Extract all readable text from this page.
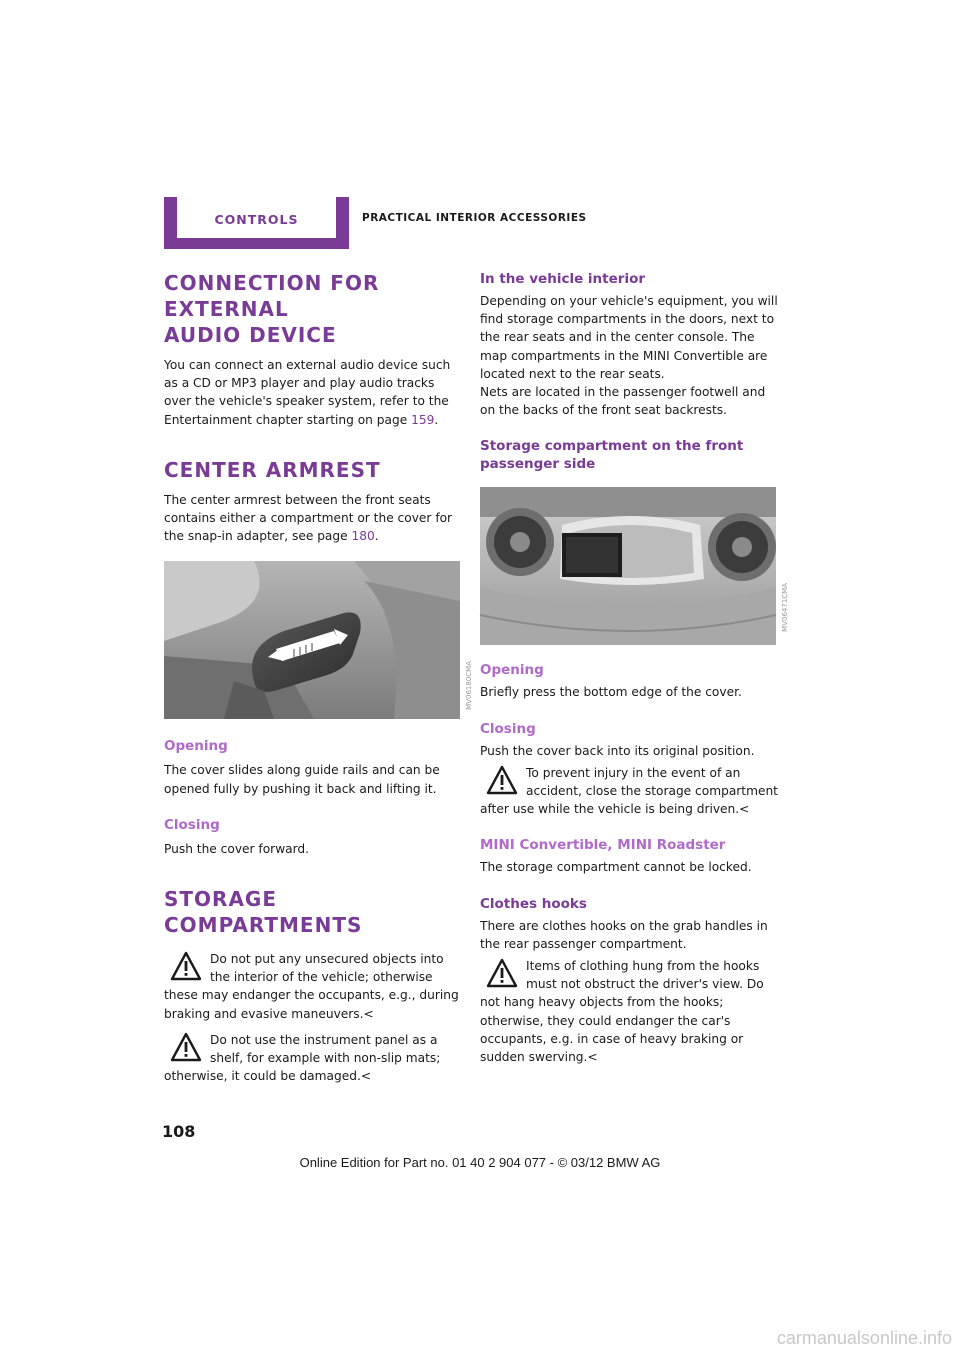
CONTROLS	PRACTICAL INTERIOR ACCESSORIES
CONNECTION FOR EXTERNAL
AUDIO DEVICE

You can connect an external audio device such as a CD or MP3 player and play audio tracks over the vehicle's speaker system, refer to the Entertainment chapter starting on page 159.

CENTER ARMREST

The center armrest between the front seats contains either a compartment or the cover for the snap-in adapter, see page 180.

MV06180CMA
Opening

The cover slides along guide rails and can be opened fully by pushing it back and lifting it.

Closing

Push the cover forward.

STORAGE COMPARTMENTS

Do not put any unsecured objects into the interior of the vehicle; otherwise these may endanger the occupants, e.g., during braking and evasive maneuvers.<

Do not use the instrument panel as a shelf, for example with non-slip mats; otherwise, it could be damaged.<

In the vehicle interior

Depending on your vehicle's equipment, you will find storage compartments in the doors, next to the rear seats and in the center console. The map compartments in the MINI Convertible are located next to the rear seats.

Nets are located in the passenger footwell and on the backs of the front seat backrests.

Storage compartment on the front
passenger side
MV06471CMA
Opening

Briefly press the bottom edge of the cover.

Closing

Push the cover back into its original position.

To prevent injury in the event of an accident, close the storage compartment after use while the vehicle is being driven.<

MINI Convertible, MINI Roadster

The storage compartment cannot be locked.

Clothes hooks

There are clothes hooks on the grab handles in the rear passenger compartment.

Items of clothing hung from the hooks must not obstruct the driver's view. Do not hang heavy objects from the hooks; otherwise, they could endanger the car's occupants, e.g. in case of heavy braking or sudden swerving.<

108
Online Edition for Part no. 01 40 2 904 077 - © 03/12 BMW AG
carmanualsonline.info
